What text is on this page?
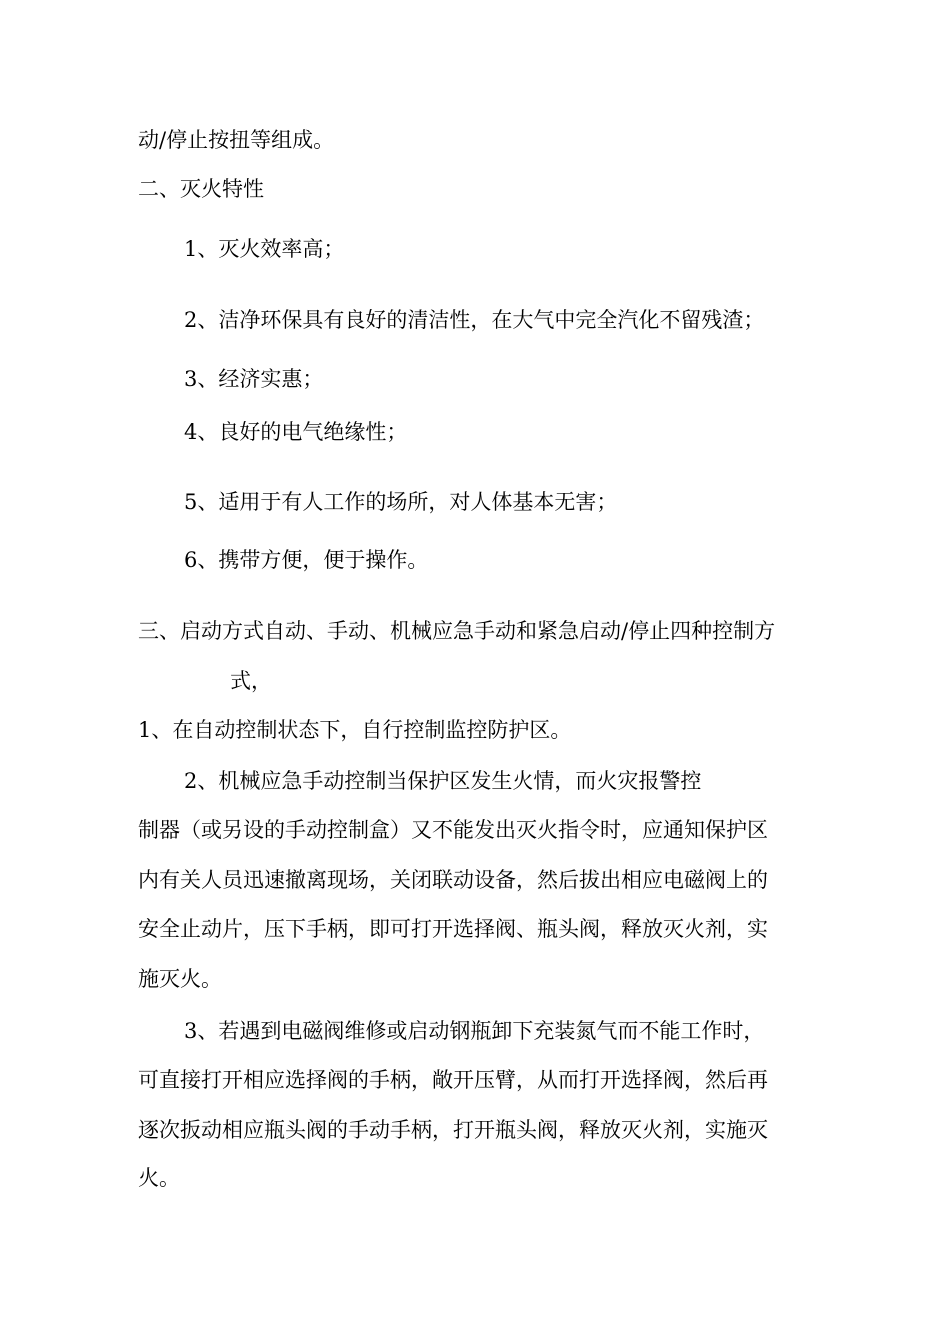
动/停止按扭等组成。
二、灭火特性
1、灭火效率高；
2、洁净环保具有良好的清洁性，在大气中完全汽化不留残渣；
3、经济实惠；
4、良好的电气绝缘性；
5、适用于有人工作的场所，对人体基本无害；
6、携带方便，便于操作。
三、启动方式自动、手动、机械应急手动和紧急启动/停止四种控制方
式，
1、在自动控制状态下，自行控制监控防护区。
2、机械应急手动控制当保护区发生火情，而火灾报警控
制器（或另设的手动控制盒）又不能发出灭火指令时，应通知保护区
内有关人员迅速撤离现场，关闭联动设备，然后拔出相应电磁阀上的
安全止动片，压下手柄，即可打开选择阀、瓶头阀，释放灭火剂，实
施灭火。
3、若遇到电磁阀维修或启动钢瓶卸下充装氮气而不能工作时，
可直接打开相应选择阀的手柄，敞开压臂，从而打开选择阀，然后再
逐次扳动相应瓶头阀的手动手柄，打开瓶头阀，释放灭火剂，实施灭
火。
